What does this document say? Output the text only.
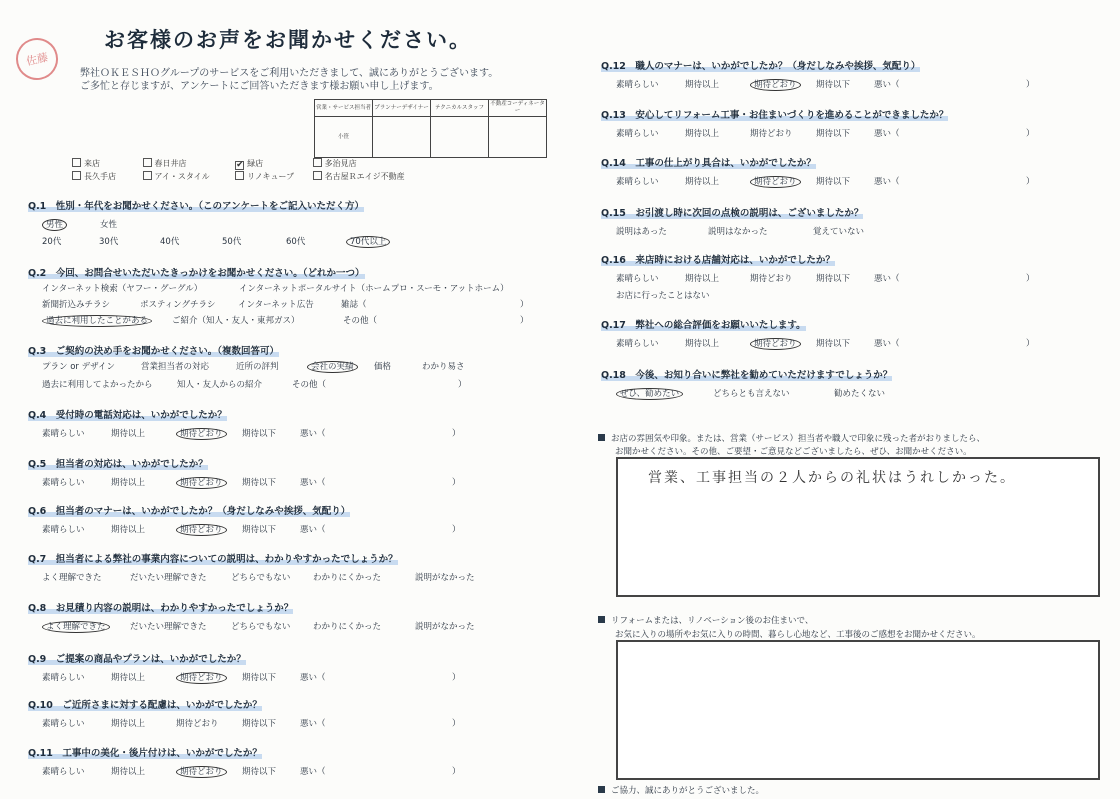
佐藤
お客様のお声をお聞かせください。
弊社ＯＫＥＳＨＯグループのサービスをご利用いただきまして、誠にありがとうございます。
ご多忙と存じますが、アンケートにご回答いただきます様お願い申し上げます。
営業・サービス担当者	プランナーデザイナー	テクニカルスタッフ	不動産コーディネーター
小笹			
来店	春日井店	✔ 緑店	多治見店
長久手店	アイ・スタイル	リノキューブ	名古屋Ｒエイジ不動産
Q.1　性別・年代をお聞かせください。（このアンケートをご記入いただく方）
男性	女性
20代	30代	40代	50代	60代	70代以上
Q.2　今回、お問合せいただいたきっかけをお聞かせください。（どれか一つ）
インターネット検索（ヤフー・グーグル）	インターネットポータルサイト（ホームプロ・スーモ・アットホーム）
新聞折込みチラシ	ポスティングチラシ	インターネット広告	雑誌（	）
過去に利用したことがある	ご紹介（知人・友人・東邦ガス）	その他（	）
Q.3　ご契約の決め手をお聞かせください。（複数回答可）
プラン or デザイン	営業担当者の対応	近所の評判	会社の実績	価格	わかり易さ
過去に利用してよかったから	知人・友人からの紹介	その他（	）
Q.4　受付時の電話対応は、いかがでしたか？
素晴らしい	期待以上	期待どおり	期待以下	悪い（	）
Q.5　担当者の対応は、いかがでしたか？
素晴らしい	期待以上	期待どおり	期待以下	悪い（	）
Q.6　担当者のマナーは、いかがでしたか？（身だしなみや挨拶、気配り）
素晴らしい	期待以上	期待どおり	期待以下	悪い（	）
Q.7　担当者による弊社の事業内容についての説明は、わかりやすかったでしょうか？
よく理解できた	だいたい理解できた	どちらでもない	わかりにくかった	説明がなかった
Q.8　お見積り内容の説明は、わかりやすかったでしょうか？
よく理解できた	だいたい理解できた	どちらでもない	わかりにくかった	説明がなかった
Q.9　ご提案の商品やプランは、いかがでしたか？
素晴らしい	期待以上	期待どおり	期待以下	悪い（	）
Q.10　ご近所さまに対する配慮は、いかがでしたか？
素晴らしい	期待以上	期待どおり	期待以下	悪い（	）
Q.11　工事中の美化・後片付けは、いかがでしたか？
素晴らしい	期待以上	期待どおり	期待以下	悪い（	）
Q.12　職人のマナーは、いかがでしたか？（身だしなみや挨拶、気配り）
素晴らしい	期待以上	期待どおり	期待以下	悪い（	）
Q.13　安心してリフォーム工事・お住まいづくりを進めることができましたか？
素晴らしい	期待以上	期待どおり	期待以下	悪い（	）
Q.14　工事の仕上がり具合は、いかがでしたか？
素晴らしい	期待以上	期待どおり	期待以下	悪い（	）
Q.15　お引渡し時に次回の点検の説明は、ございましたか？
説明はあった	説明はなかった	覚えていない
Q.16　来店時における店舗対応は、いかがでしたか？
素晴らしい	期待以上	期待どおり	期待以下	悪い（	）
お店に行ったことはない
Q.17　弊社への総合評価をお願いいたします。
素晴らしい	期待以上	期待どおり	期待以下	悪い（	）
Q.18　今後、お知り合いに弊社を勧めていただけますでしょうか？
ぜひ、勧めたい	どちらとも言えない	勧めたくない
お店の雰囲気や印象。または、営業（サービス）担当者や職人で印象に残った者がおりましたら、
お聞かせください。その他、ご要望・ご意見などございましたら、ぜひ、お聞かせください。
営業、工事担当の２人からの礼状はうれしかった。
リフォームまたは、リノベーション後のお住まいで、
お気に入りの場所やお気に入りの時間、暮らし心地など、工事後のご感想をお聞かせください。
ご協力、誠にありがとうございました。
